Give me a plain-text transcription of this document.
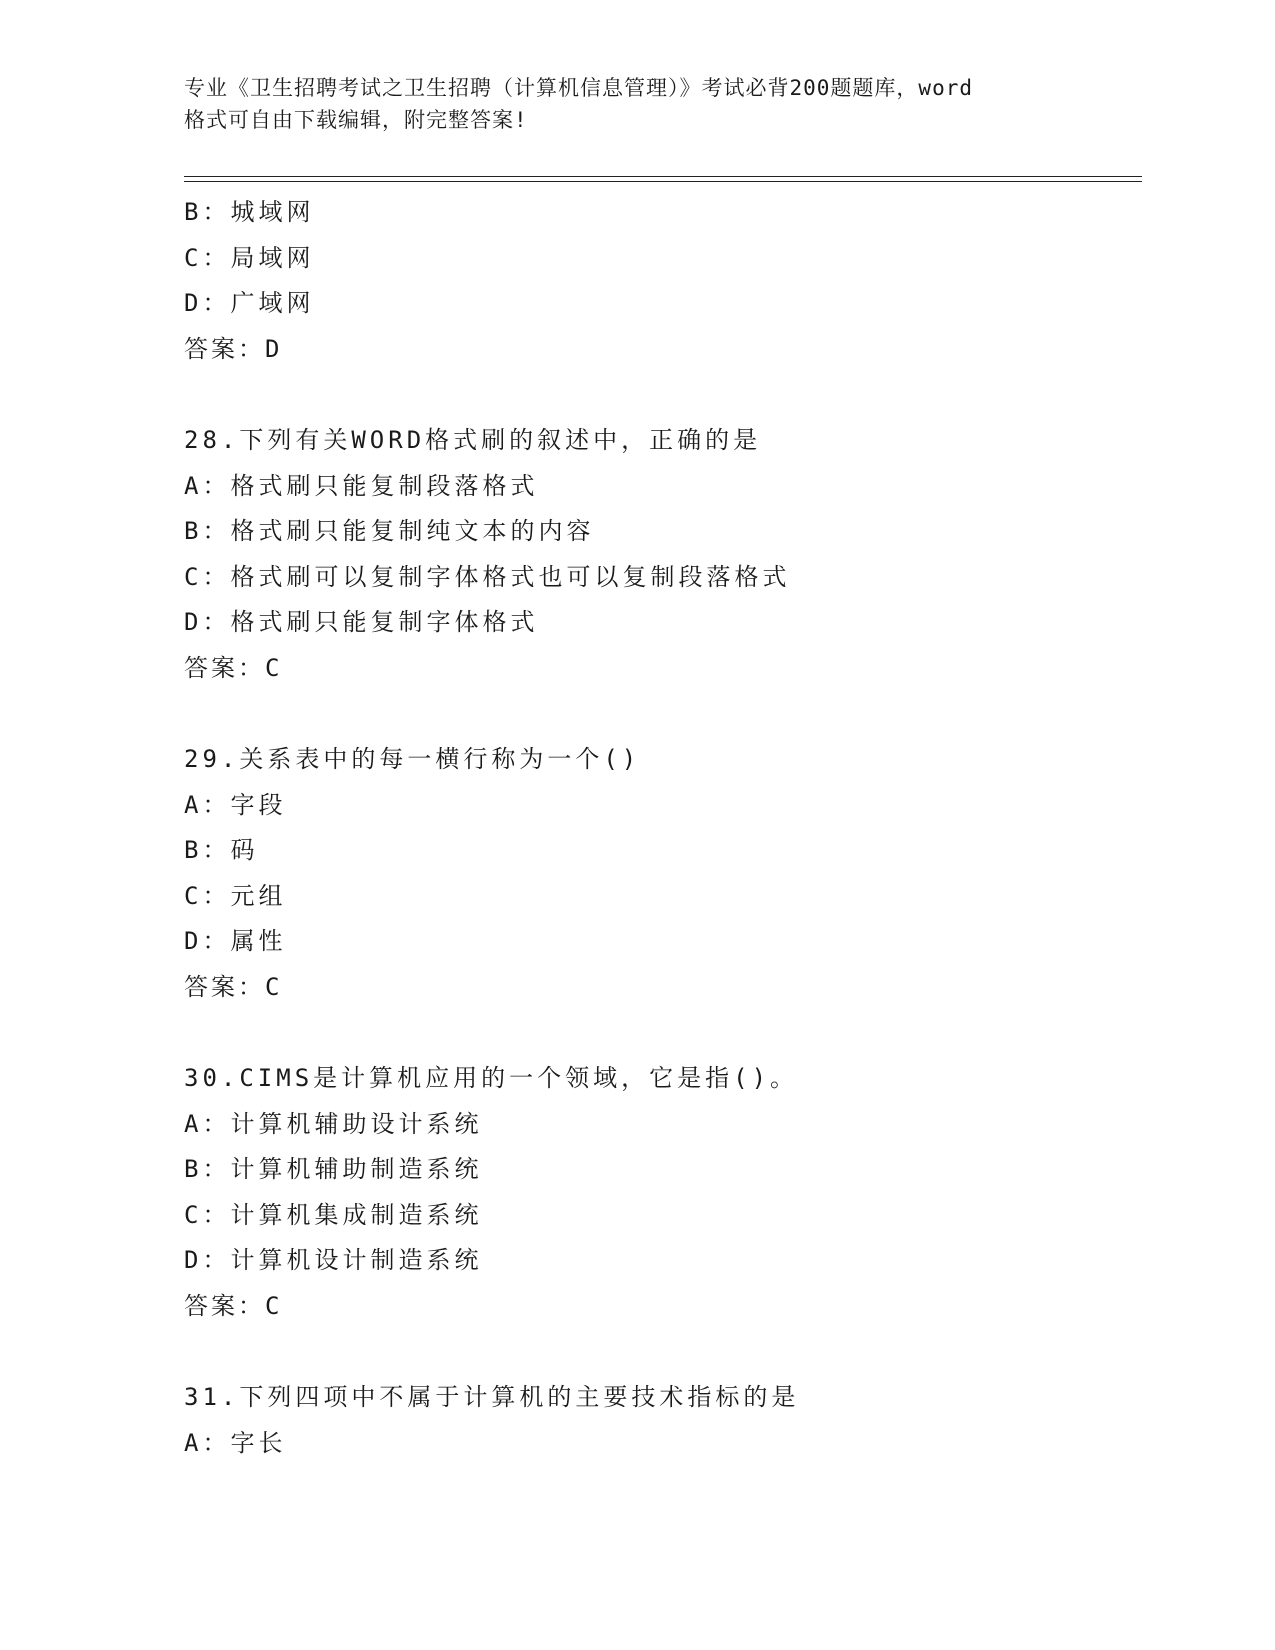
专业《卫生招聘考试之卫生招聘（计算机信息管理）》考试必背200题题库，word
格式可自由下载编辑，附完整答案!
B：城域网
C：局域网
D：广域网
答案：D
28.下列有关WORD格式刷的叙述中，正确的是
A：格式刷只能复制段落格式
B：格式刷只能复制纯文本的内容
C：格式刷可以复制字体格式也可以复制段落格式
D：格式刷只能复制字体格式
答案：C
29.关系表中的每一横行称为一个()
A：字段
B：码
C：元组
D：属性
答案：C
30.CIMS是计算机应用的一个领域，它是指()。
A：计算机辅助设计系统
B：计算机辅助制造系统
C：计算机集成制造系统
D：计算机设计制造系统
答案：C
31.下列四项中不属于计算机的主要技术指标的是
A：字长
